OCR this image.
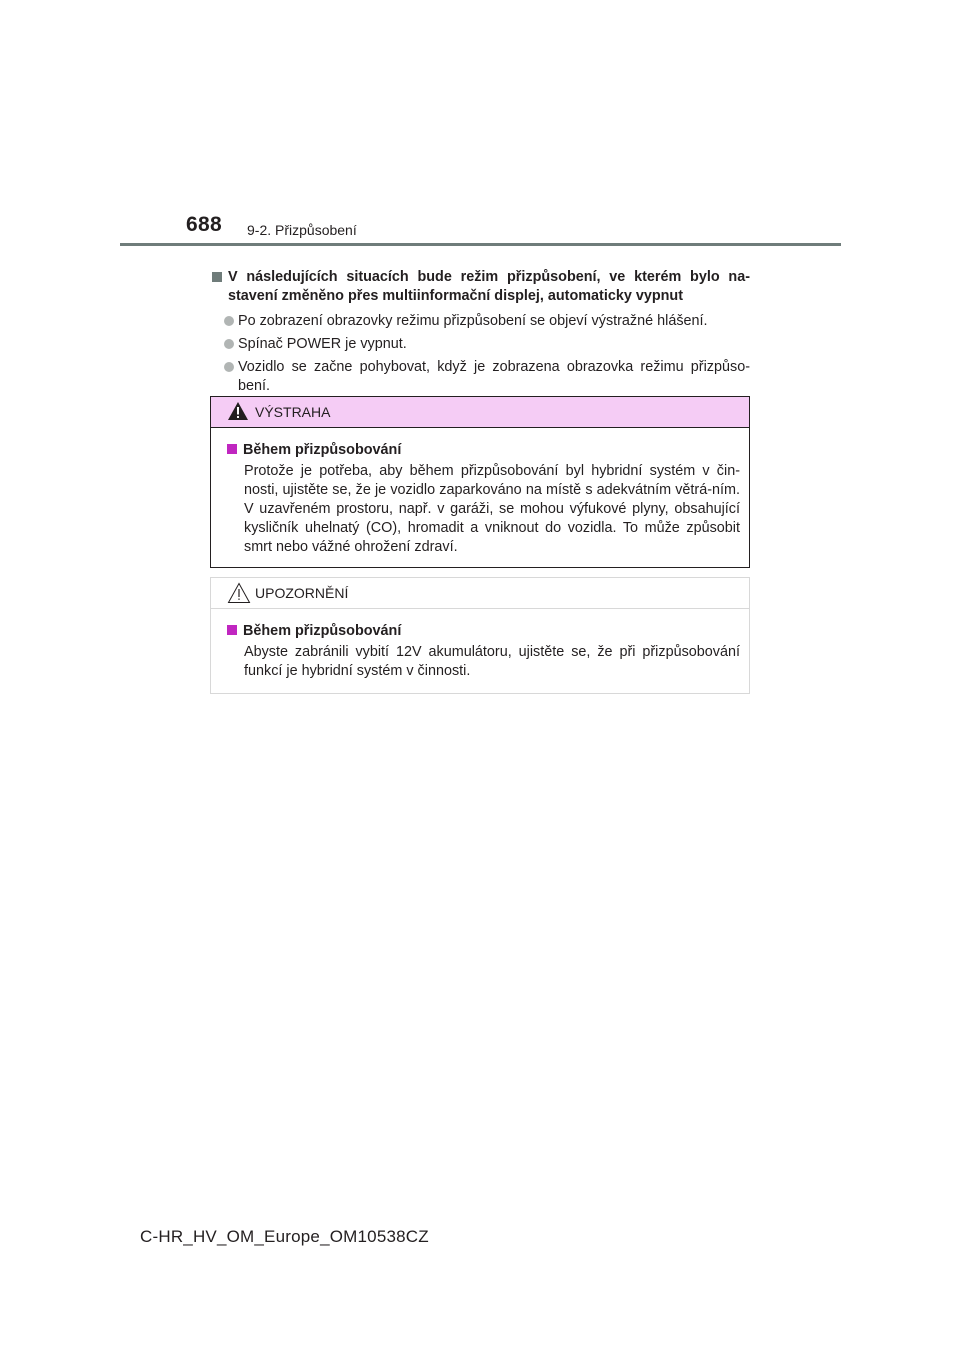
688 9-2. Přizpůsobení
V následujících situacích bude režim přizpůsobení, ve kterém bylo na-stavení změněno přes multiinformační displej, automaticky vypnut
Po zobrazení obrazovky režimu přizpůsobení se objeví výstražné hlášení.
Spínač POWER je vypnut.
Vozidlo se začne pohybovat, když je zobrazena obrazovka režimu přizpůso-bení.
VÝSTRAHA
Během přizpůsobování
Protože je potřeba, aby během přizpůsobování byl hybridní systém v čin-nosti, ujistěte se, že je vozidlo zaparkováno na místě s adekvátním větrá-ním. V uzavřeném prostoru, např. v garáži, se mohou výfukové plyny, obsahující kysličník uhelnatý (CO), hromadit a vniknout do vozidla. To může způsobit smrt nebo vážné ohrožení zdraví.
UPOZORNĚNÍ
Během přizpůsobování
Abyste zabránili vybití 12V akumulátoru, ujistěte se, že při přizpůsobování funkcí je hybridní systém v činnosti.
C-HR_HV_OM_Europe_OM10538CZ
